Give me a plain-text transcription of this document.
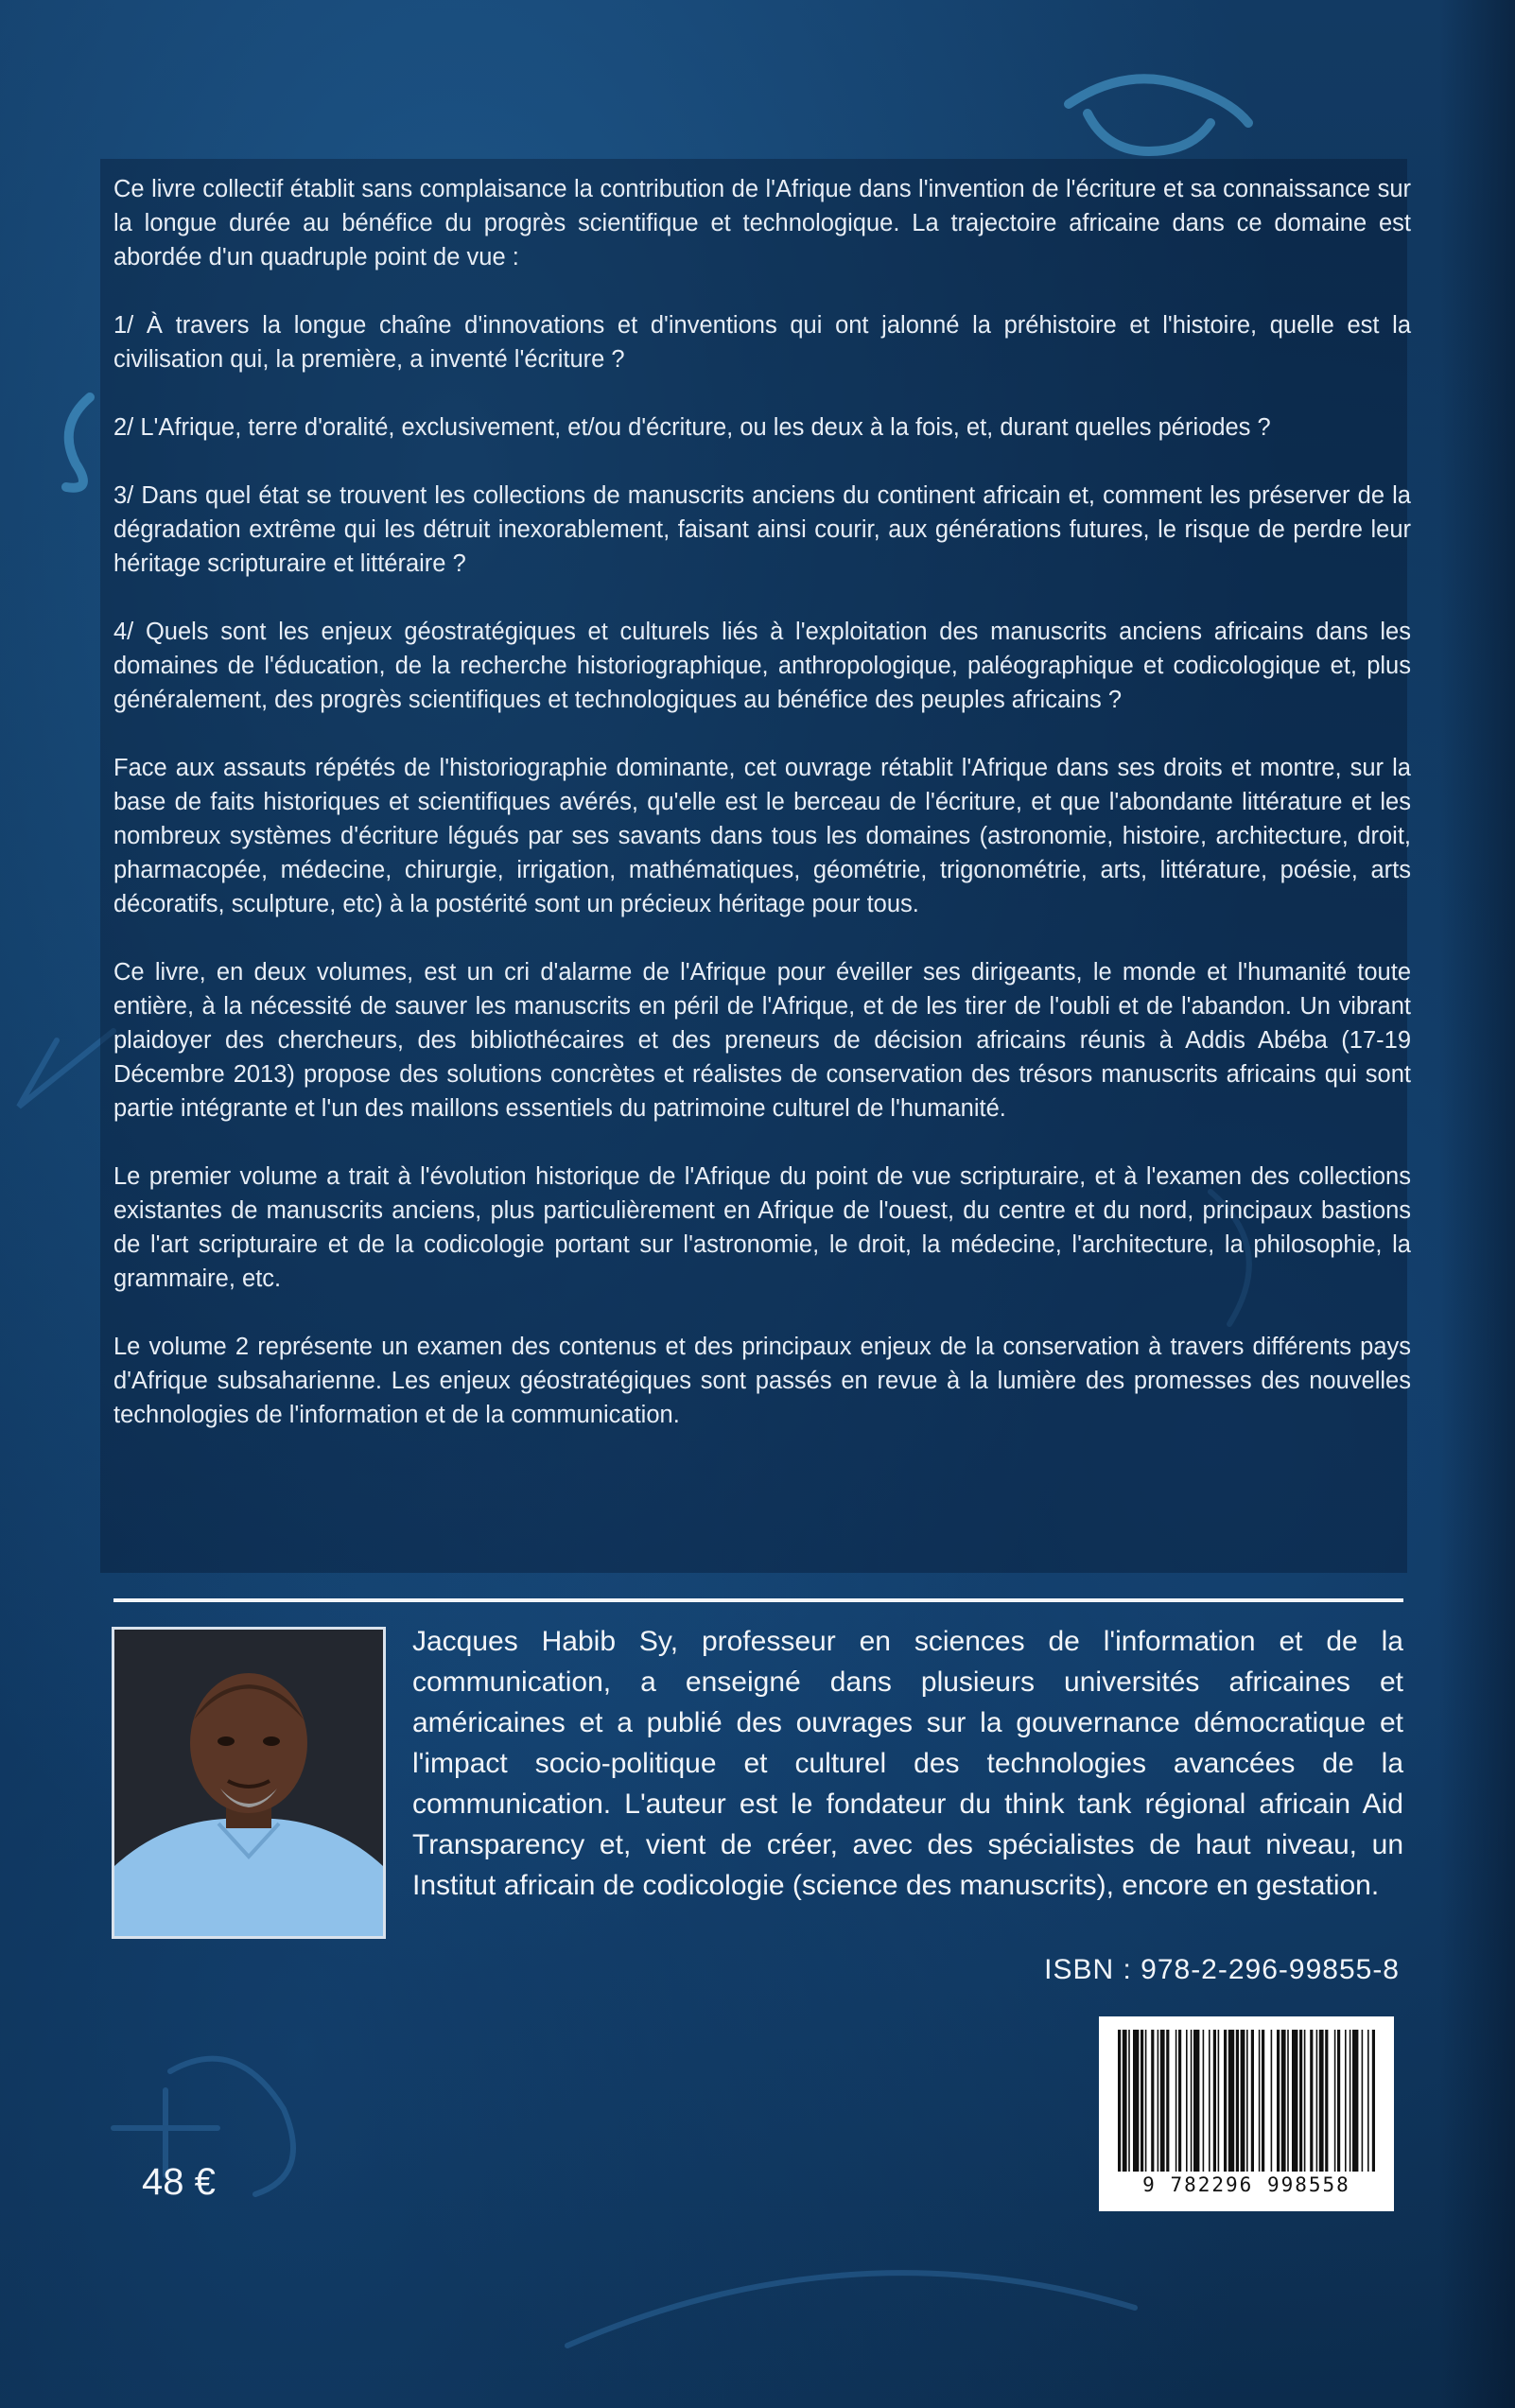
Ce livre collectif établit sans complaisance la contribution de l'Afrique dans l'invention de l'écriture et sa connaissance sur la longue durée au bénéfice du progrès scientifique et technologique. La trajectoire africaine dans ce domaine est abordée d'un quadruple point de vue :

1/ À travers la longue chaîne d'innovations et d'inventions qui ont jalonné la préhistoire et l'histoire, quelle est la civilisation qui, la première, a inventé l'écriture ?

2/ L'Afrique, terre d'oralité, exclusivement, et/ou d'écriture, ou les deux à la fois, et, durant quelles périodes ?

3/ Dans quel état se trouvent les collections de manuscrits anciens du continent africain et, comment les préserver de la dégradation extrême qui les détruit inexorablement, faisant ainsi courir, aux générations futures, le risque de perdre leur héritage scripturaire et littéraire ?

4/ Quels sont les enjeux géostratégiques et culturels liés à l'exploitation des manuscrits anciens africains dans les domaines de l'éducation, de la recherche historiographique, anthropologique, paléographique et codicologique et, plus généralement, des progrès scientifiques et technologiques au bénéfice des peuples africains ?

Face aux assauts répétés de l'historiographie dominante, cet ouvrage rétablit l'Afrique dans ses droits et montre, sur la base de faits historiques et scientifiques avérés, qu'elle est le berceau de l'écriture, et que l'abondante littérature et les nombreux systèmes d'écriture légués par ses savants dans tous les domaines (astronomie, histoire, architecture, droit, pharmacopée, médecine, chirurgie, irrigation, mathématiques, géométrie, trigonométrie, arts, littérature, poésie, arts décoratifs, sculpture, etc) à la postérité sont un précieux héritage pour tous.

Ce livre, en deux volumes, est un cri d'alarme de l'Afrique pour éveiller ses dirigeants, le monde et l'humanité toute entière, à la nécessité de sauver les manuscrits en péril de l'Afrique, et de les tirer de l'oubli et de l'abandon. Un vibrant plaidoyer des chercheurs, des bibliothécaires et des preneurs de décision africains réunis à Addis Abéba (17-19 Décembre 2013) propose des solutions concrètes et réalistes de conservation des trésors manuscrits africains qui sont partie intégrante et l'un des maillons essentiels du patrimoine culturel de l'humanité.

Le premier volume a trait à l'évolution historique de l'Afrique du point de vue scripturaire, et à l'examen des collections existantes de manuscrits anciens, plus particulièrement en Afrique de l'ouest, du centre et du nord, principaux bastions de l'art scripturaire et de la codicologie portant sur l'astronomie, le droit, la médecine, l'architecture, la philosophie, la grammaire, etc.

Le volume 2 représente un examen des contenus et des principaux enjeux de la conservation à travers différents pays d'Afrique subsaharienne. Les enjeux géostratégiques sont passés en revue à la lumière des promesses des nouvelles technologies de l'information et de la communication.

Jacques Habib Sy, professeur en sciences de l'information et de la communication, a enseigné dans plusieurs universités africaines et américaines et a publié des ouvrages sur la gouvernance démocratique et l'impact socio-politique et culturel des technologies avancées de la communication. L'auteur est le fondateur du think tank régional africain Aid Transparency et, vient de créer, avec des spécialistes de haut niveau, un Institut africain de codicologie (science des manuscrits), encore en gestation.
ISBN : 978-2-296-99855-8
9 782296 998558
48 €
